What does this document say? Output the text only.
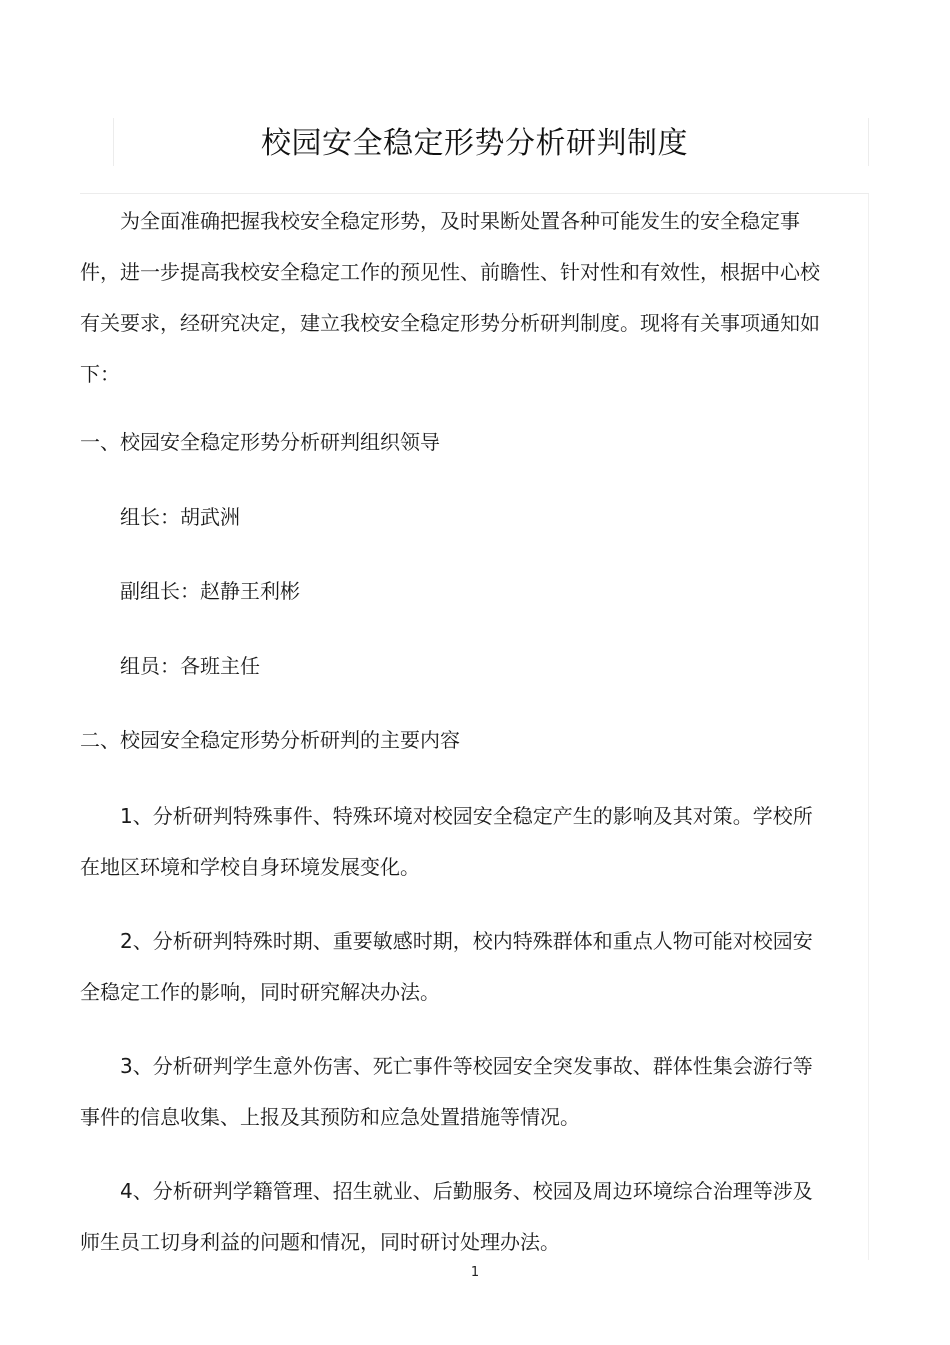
校园安全稳定形势分析研判制度

为全面准确把握我校安全稳定形势，及时果断处置各种可能发生的安全稳定事件，进一步提高我校安全稳定工作的预见性、前瞻性、针对性和有效性，根据中心校有关要求，经研究决定，建立我校安全稳定形势分析研判制度。现将有关事项通知如下：

一、校园安全稳定形势分析研判组织领导

组长：胡武洲

副组长：赵静王利彬

组员：各班主任

二、校园安全稳定形势分析研判的主要内容

1、分析研判特殊事件、特殊环境对校园安全稳定产生的影响及其对策。学校所在地区环境和学校自身环境发展变化。

2、分析研判特殊时期、重要敏感时期，校内特殊群体和重点人物可能对校园安全稳定工作的影响，同时研究解决办法。

3、分析研判学生意外伤害、死亡事件等校园安全突发事故、群体性集会游行等事件的信息收集、上报及其预防和应急处置措施等情况。

4、分析研判学籍管理、招生就业、后勤服务、校园及周边环境综合治理等涉及师生员工切身利益的问题和情况，同时研讨处理办法。

1
